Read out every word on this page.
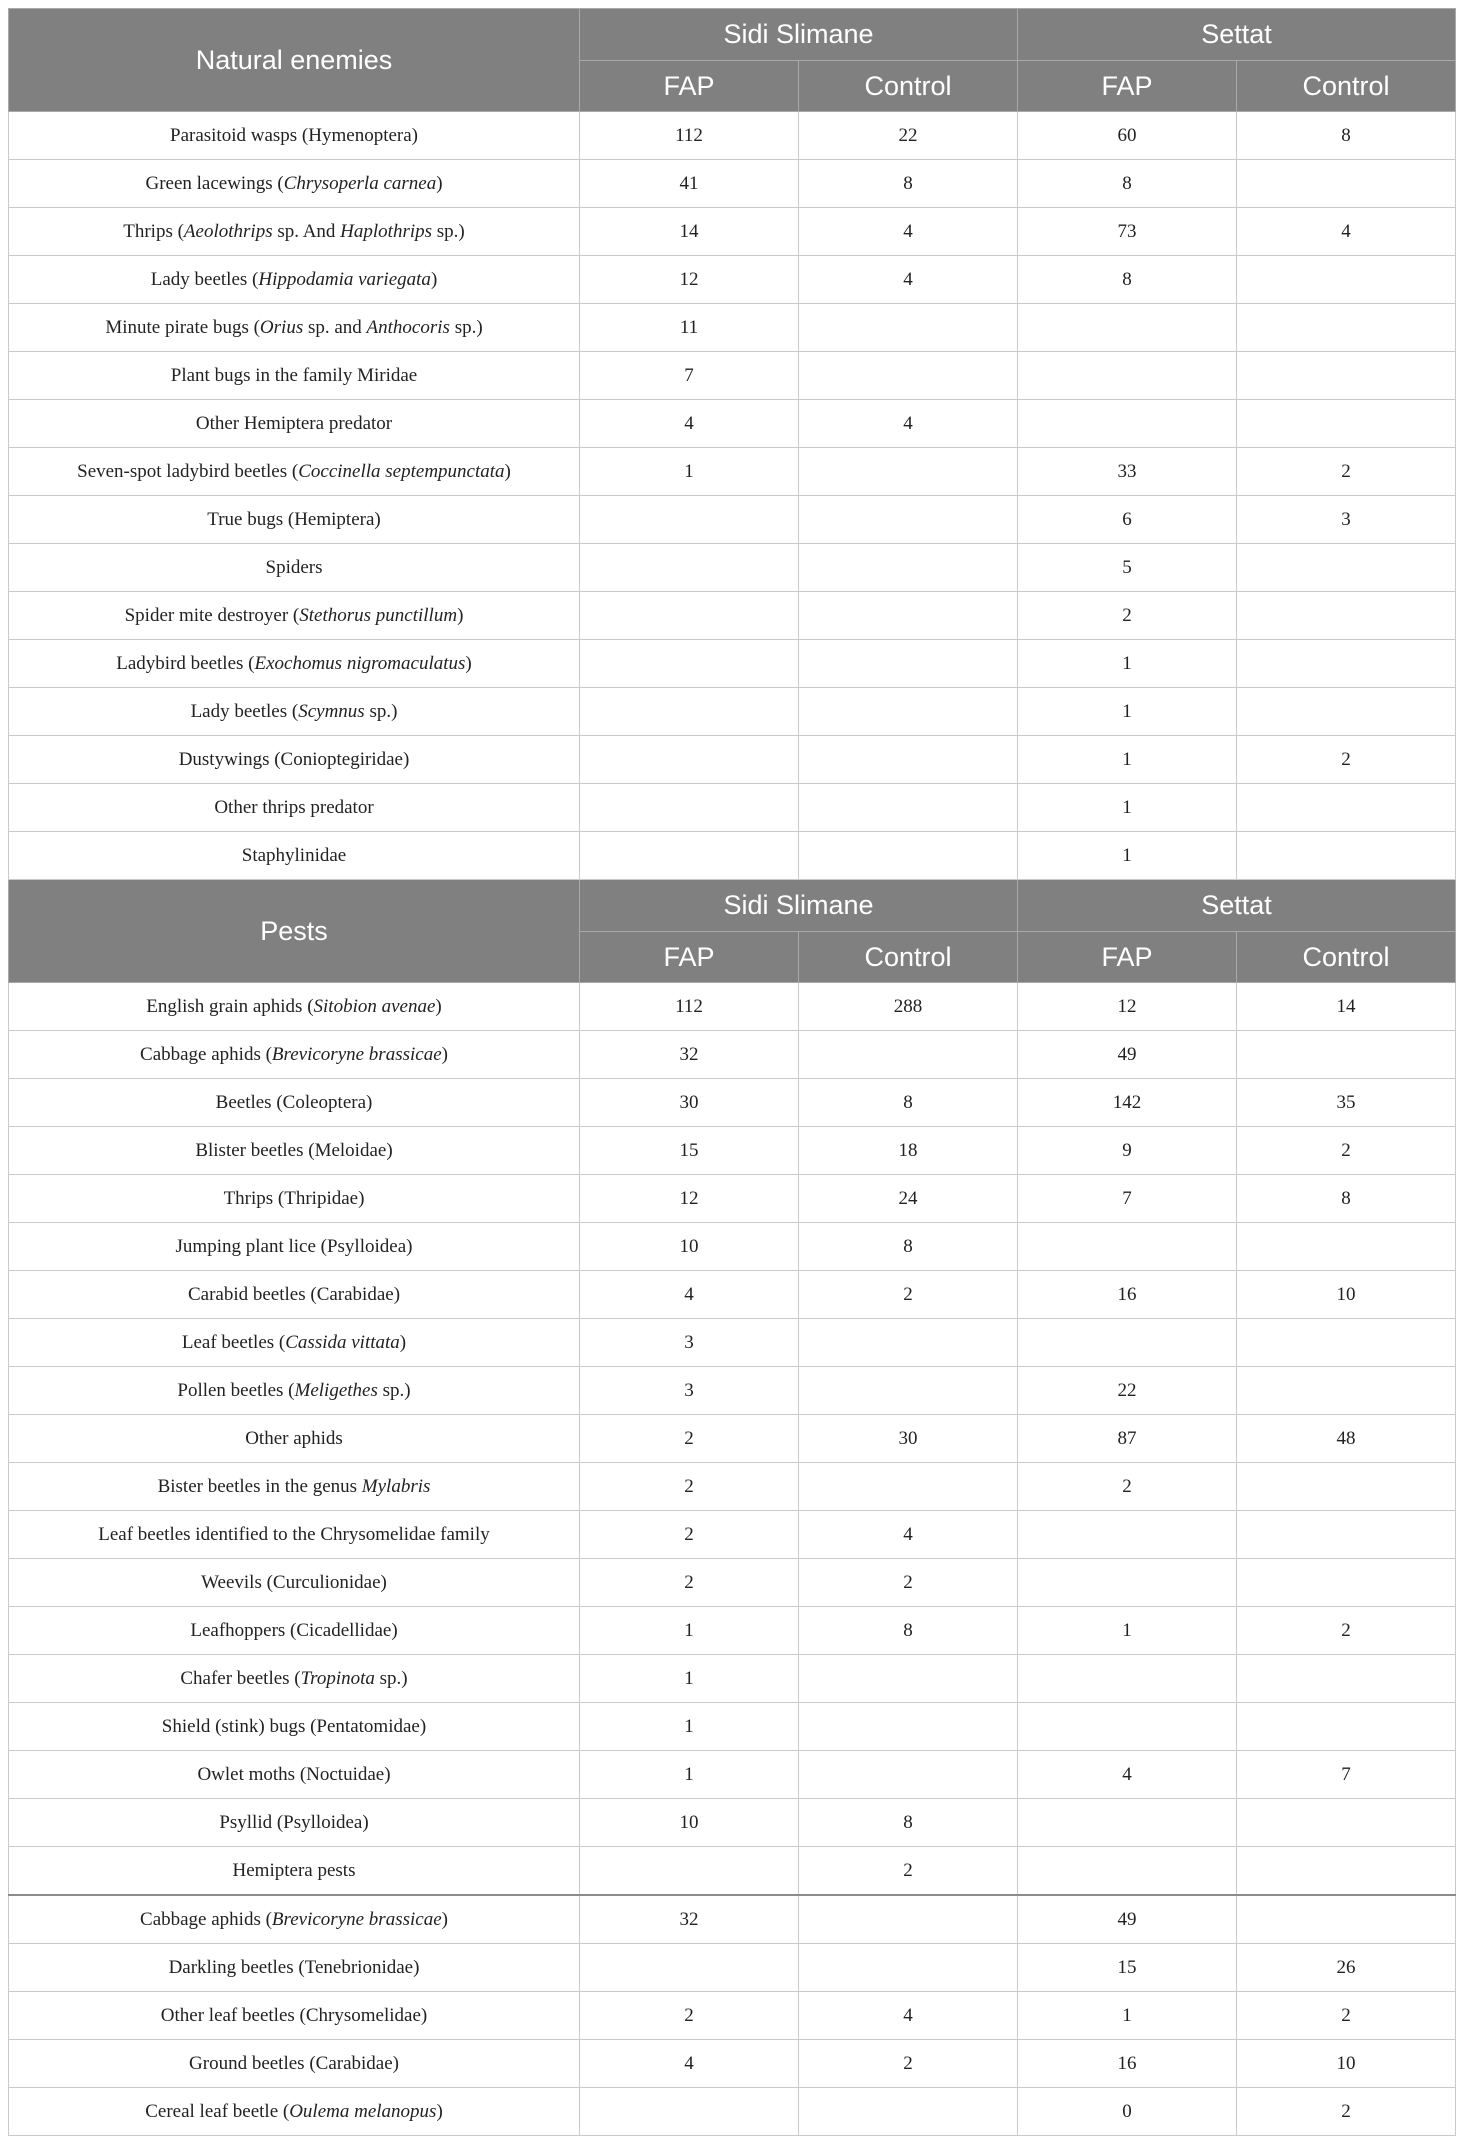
Natural enemies	Sidi Slimane		Settat	
	FAP	Control	FAP	Control
Parasitoid wasps (Hymenoptera)	112	22	60	8
Green lacewings (Chrysoperla carnea)	41	8	8	
Thrips (Aeolothrips sp. And Haplothrips sp.)	14	4	73	4
Lady beetles (Hippodamia variegata)	12	4	8	
Minute pirate bugs (Orius sp. and Anthocoris sp.)	11			
Plant bugs in the family Miridae	7			
Other Hemiptera predator	4	4		
Seven-spot ladybird beetles (Coccinella septempunctata)	1		33	2
True bugs (Hemiptera)			6	3
Spiders			5	
Spider mite destroyer (Stethorus punctillum)			2	
Ladybird beetles (Exochomus nigromaculatus)			1	
Lady beetles (Scymnus sp.)			1	
Dustywings (Conioptegiridae)			1	2
Other thrips predator			1	
Staphylinidae			1	
Pests	Sidi Slimane		Settat	
	FAP	Control	FAP	Control
English grain aphids (Sitobion avenae)	112	288	12	14
Cabbage aphids (Brevicoryne brassicae)	32		49	
Beetles (Coleoptera)	30	8	142	35
Blister beetles (Meloidae)	15	18	9	2
Thrips (Thripidae)	12	24	7	8
Jumping plant lice (Psylloidea)	10	8		
Carabid beetles (Carabidae)	4	2	16	10
Leaf beetles (Cassida vittata)	3			
Pollen beetles (Meligethes sp.)	3		22	
Other aphids	2	30	87	48
Bister beetles in the genus Mylabris	2		2	
Leaf beetles identified to the Chrysomelidae family	2	4		
Weevils (Curculionidae)	2	2		
Leafhoppers (Cicadellidae)	1	8	1	2
Chafer beetles (Tropinota sp.)	1			
Shield (stink) bugs (Pentatomidae)	1			
Owlet moths (Noctuidae)	1		4	7
Psyllid (Psylloidea)	10	8		
Hemiptera pests		2		
Cabbage aphids (Brevicoryne brassicae)	32		49	
Darkling beetles (Tenebrionidae)			15	26
Other leaf beetles (Chrysomelidae)	2	4	1	2
Ground beetles (Carabidae)	4	2	16	10
Cereal leaf beetle (Oulema melanopus)			0	2
